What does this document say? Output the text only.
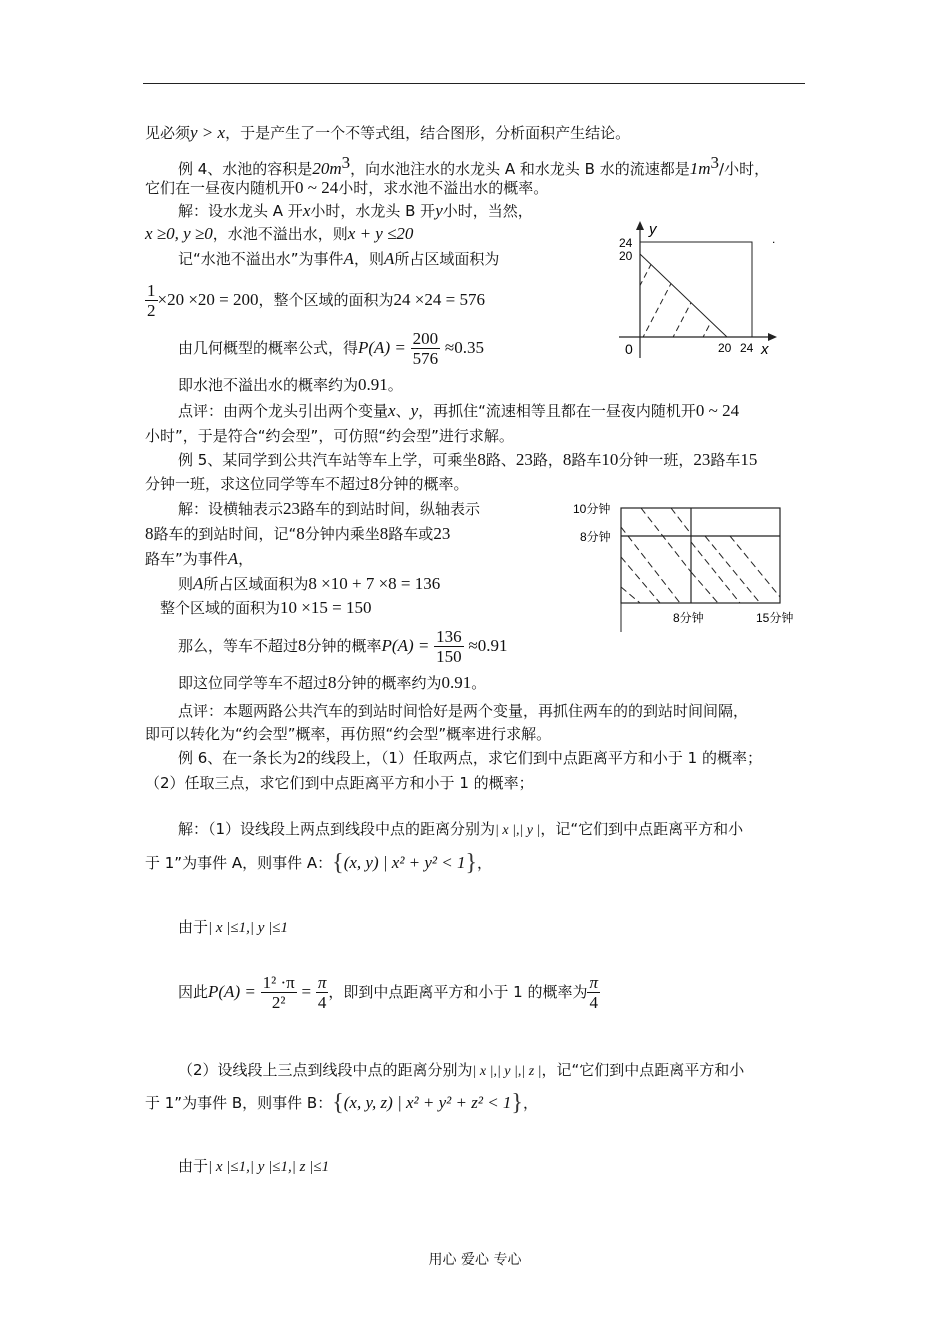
见必须y > x，于是产生了一个不等式组，结合图形，分析面积产生结论。
例 4、水池的容积是$20m^3$，向水池注水的水龙头 A 和水龙头 B 水的流速都是$1m^3/$小时，
它们在一昼夜内随机开0 ~ 24小时，求水池不溢出水的概率。
解：设水龙头 A 开x小时，水龙头 B 开y小时，当然，
x ≥0, y ≥0，水池不溢出水，则x + y ≤20
记“水池不溢出水”为事件A，则A所占区域面积为
$\frac{1}{2} \times 20 \times 20 = 200$，整个区域的面积为24 ×24 = 576
由几何概型的概率公式，得$P(A) = \frac{200}{576} \approx 0.35$
即水池不溢出水的概率约为0.91。
点评：由两个龙头引出两个变量x、y，再抓住“流速相等且都在一昼夜内随机开0 ~ 24
小时”，于是符合“约会型”，可仿照“约会型”进行求解。
y
x
0
24
20
20 24
.
例 5、某同学到公共汽车站等车上学，可乘坐8路、23路，8路车10分钟一班，23路车15
分钟一班，求这位同学等车不超过8分钟的概率。
解：设横轴表示23路车的到站时间，纵轴表示
8路车的到站时间，记“8分钟内乘坐8路车或23
路车”为事件A，
则A所占区域面积为8 ×10 + 7 ×8 = 136
整个区域的面积为10 ×15 = 150
那么，等车不超过8分钟的概率$P(A) = \frac{136}{150} \approx 0.91$
即这位同学等车不超过8分钟的概率约为0.91。
点评：本题两路公共汽车的到站时间恰好是两个变量，再抓住两车的的到站时间间隔，
即可以转化为“约会型”概率，再仿照“约会型”概率进行求解。
10分钟
8分钟
8分钟	15分钟
例 6、在一条长为2的线段上，（1）任取两点，求它们到中点距离平方和小于 1 的概率；
（2）任取三点，求它们到中点距离平方和小于 1 的概率；
解：（1）设线段上两点到线段中点的距离分别为| x |,| y |，记“它们到中点距离平方和小
于 1”为事件 A，则事件 A：{(x, y) | x² + y² < 1}，
由于| x |≤1,| y |≤1
因此$P(A) = \frac{\text{1² ·π}}{\text{2²}} = \frac{\pi}{4}$ ，即到中点距离平方和小于 1 的概率为 $\frac{\pi}{4}$
（2）设线段上三点到线段中点的距离分别为| x |,| y |,| z |，记“它们到中点距离平方和小
于 1”为事件 B，则事件 B：{(x, y, z) | x² + y² + z² < 1}，
由于| x |≤1,| y |≤1,| z |≤1
用心 爱心 专心
